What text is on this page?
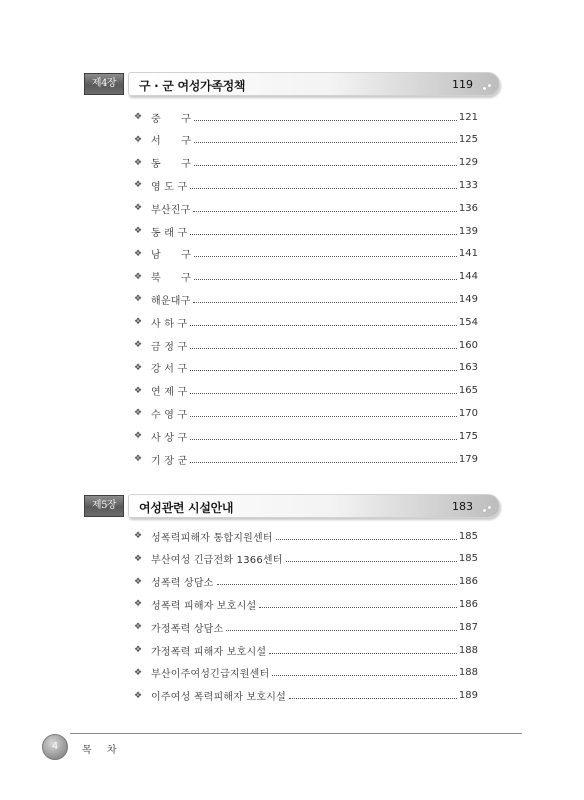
제4장	구 · 군 여성가족정책	119
❖ 중　　구	121
❖ 서　　구	125
❖ 동　　구	129
❖ 영 도 구	133
❖ 부산진구	136
❖ 동 래 구	139
❖ 남　　구	141
❖ 북　　구	144
❖ 해운대구	149
❖ 사 하 구	154
❖ 금 정 구	160
❖ 강 서 구	163
❖ 연 제 구	165
❖ 수 영 구	170
❖ 사 상 구	175
❖ 기 장 군	179
제5장	여성관련 시설안내	183
❖ 성폭력피해자 통합지원센터	185
❖ 부산여성 긴급전화 1366센터	185
❖ 성폭력 상담소	186
❖ 성폭력 피해자 보호시설	186
❖ 가정폭력 상담소	187
❖ 가정폭력 피해자 보호시설	188
❖ 부산이주여성긴급지원센터	188
❖ 이주여성 폭력피해자 보호시설	189
4	목 차
